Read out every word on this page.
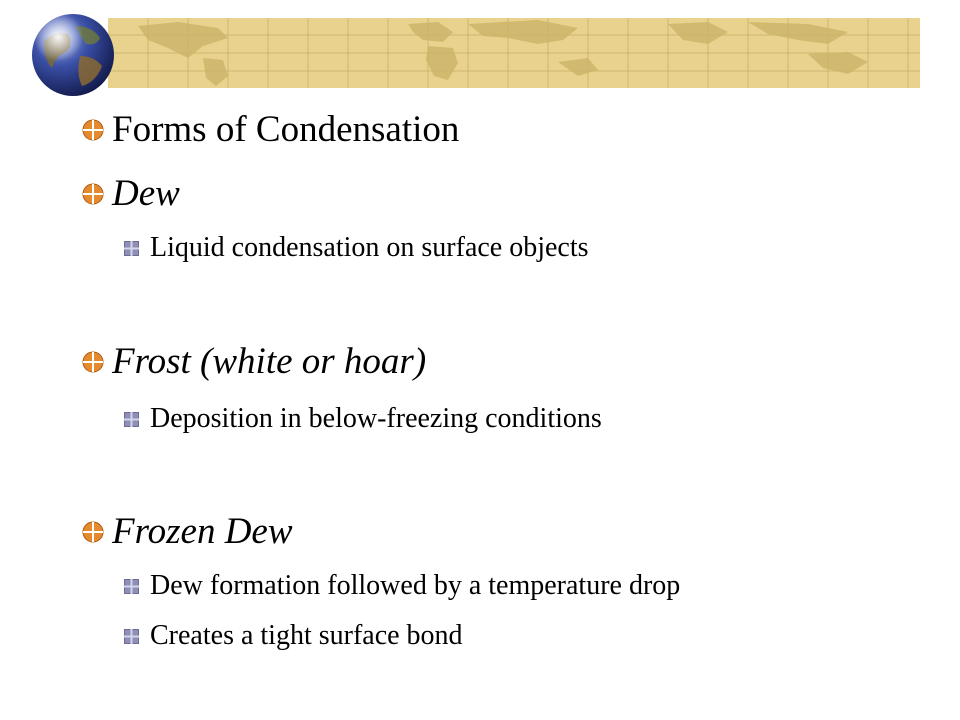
Forms of Condensation
Dew
Liquid condensation on surface objects
Frost (white or hoar)
Deposition in below-freezing conditions
Frozen Dew
Dew formation followed by a temperature drop
Creates a tight surface bond
